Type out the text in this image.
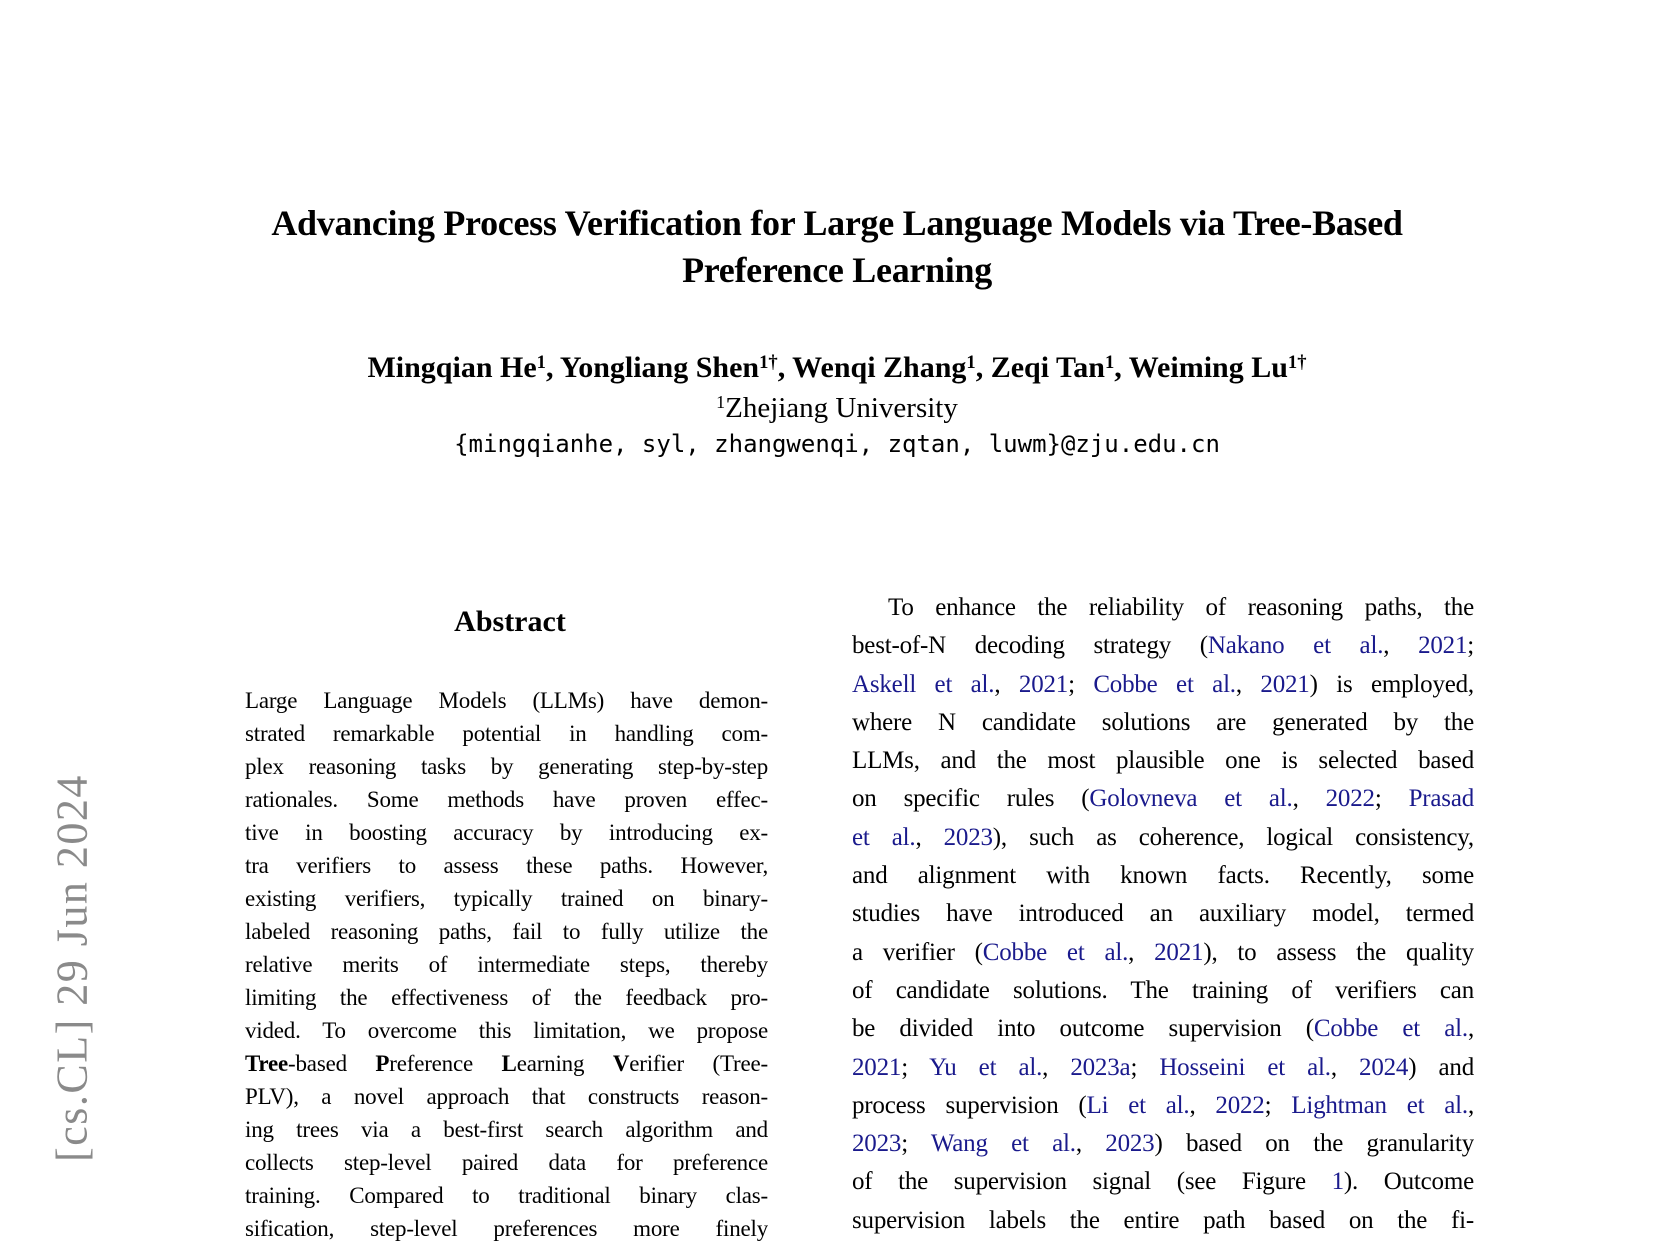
[cs.CL] 29 Jun 2024
Advancing Process Verification for Large Language Models via Tree-Based
Preference Learning
Mingqian He$^1$, Yongliang Shen$^{1\dagger}$, Wenqi Zhang$^1$, Zeqi Tan$^1$, Weiming $Lu^{1\dagger}$
$^1$Zhejiang University
{mingqianhe, syl, zhangwenqi, zqtan, luwm}@zju.edu.cn
Abstract
Large Language Models (LLMs) have demon-
strated remarkable potential in handling com-
plex reasoning tasks by generating step-by-step
rationales. Some methods have proven effec-
tive in boosting accuracy by introducing ex-
tra verifiers to assess these paths. However,
existing verifiers, typically trained on binary-
labeled reasoning paths, fail to fully utilize the
relative merits of intermediate steps, thereby
limiting the effectiveness of the feedback pro-
vided. To overcome this limitation, we propose
Tree-based Preference Learning Verifier (Tree-
PLV), a novel approach that constructs reason-
ing trees via a best-first search algorithm and
collects step-level paired data for preference
training. Compared to traditional binary clas-
sification, step-level preferences more finely
To enhance the reliability of reasoning paths, the
best-of-N decoding strategy (Nakano et al., 2021;
Askell et al., 2021; Cobbe et al., 2021) is employed,
where N candidate solutions are generated by the
LLMs, and the most plausible one is selected based
on specific rules (Golovneva et al., 2022; Prasad
et al., 2023), such as coherence, logical consistency,
and alignment with known facts. Recently, some
studies have introduced an auxiliary model, termed
a verifier (Cobbe et al., 2021), to assess the quality
of candidate solutions. The training of verifiers can
be divided into outcome supervision (Cobbe et al.,
2021; Yu et al., 2023a; Hosseini et al., 2024) and
process supervision (Li et al., 2022; Lightman et al.,
2023; Wang et al., 2023) based on the granularity
of the supervision signal (see Figure 1). Outcome
supervision labels the entire path based on the fi-
